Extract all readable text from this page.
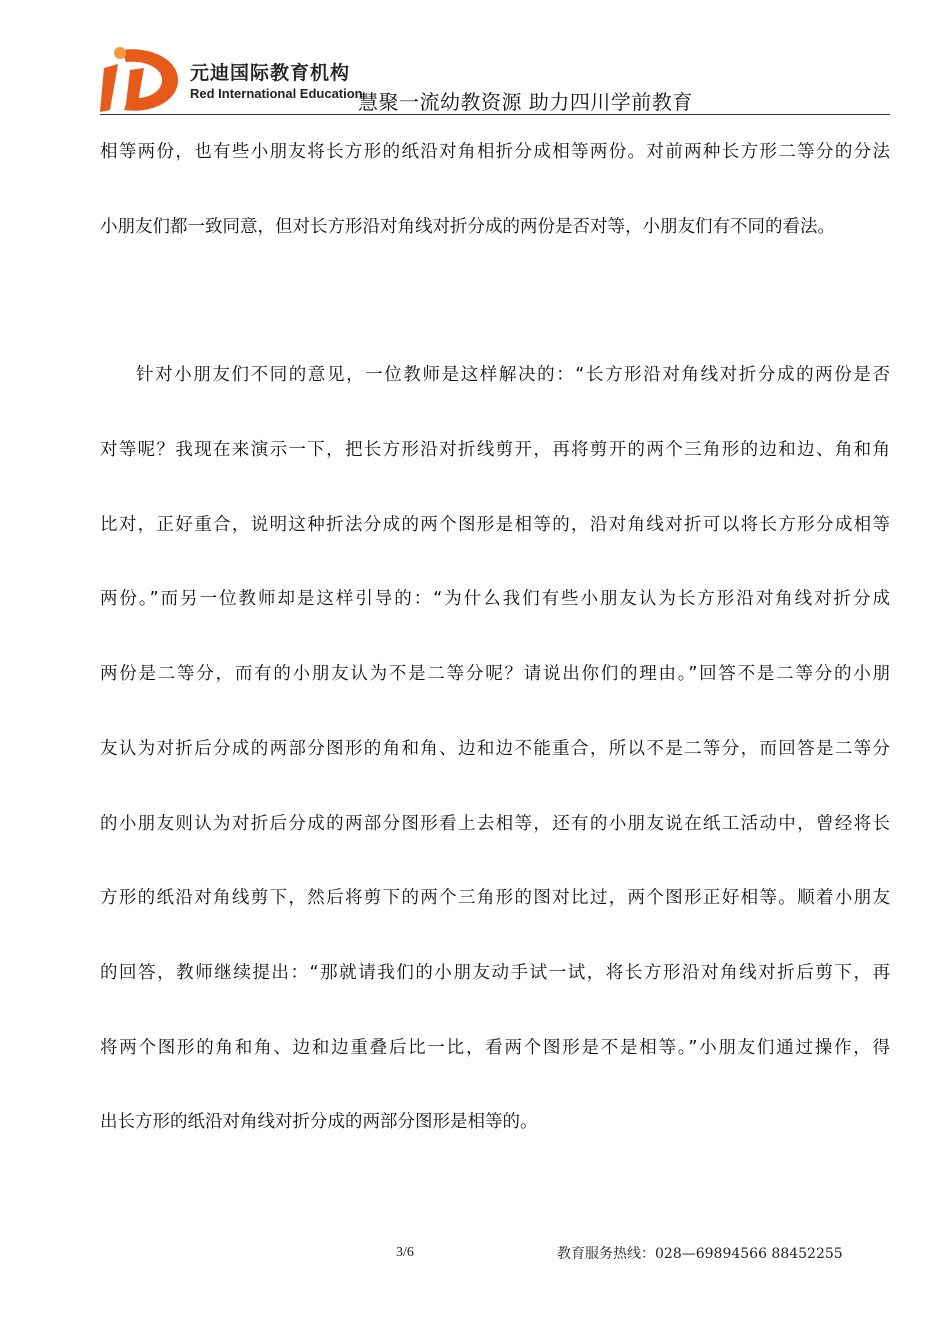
元迪国际教育机构
Red International Education
慧聚一流幼教资源 助力四川学前教育
相等两份，也有些小朋友将长方形的纸沿对角相折分成相等两份。对前两种长方形二等分的分法
小朋友们都一致同意，但对长方形沿对角线对折分成的两份是否对等，小朋友们有不同的看法。
针对小朋友们不同的意见，一位教师是这样解决的：“长方形沿对角线对折分成的两份是否
对等呢？我现在来演示一下，把长方形沿对折线剪开，再将剪开的两个三角形的边和边、角和角
比对，正好重合，说明这种折法分成的两个图形是相等的，沿对角线对折可以将长方形分成相等
两份。”而另一位教师却是这样引导的：“为什么我们有些小朋友认为长方形沿对角线对折分成
两份是二等分，而有的小朋友认为不是二等分呢？请说出你们的理由。”回答不是二等分的小朋
友认为对折后分成的两部分图形的角和角、边和边不能重合，所以不是二等分，而回答是二等分
的小朋友则认为对折后分成的两部分图形看上去相等，还有的小朋友说在纸工活动中，曾经将长
方形的纸沿对角线剪下，然后将剪下的两个三角形的图对比过，两个图形正好相等。顺着小朋友
的回答，教师继续提出：“那就请我们的小朋友动手试一试，将长方形沿对角线对折后剪下，再
将两个图形的角和角、边和边重叠后比一比，看两个图形是不是相等。”小朋友们通过操作，得
出长方形的纸沿对角线对折分成的两部分图形是相等的。
3/6	教育服务热线：028—69894566 88452255
